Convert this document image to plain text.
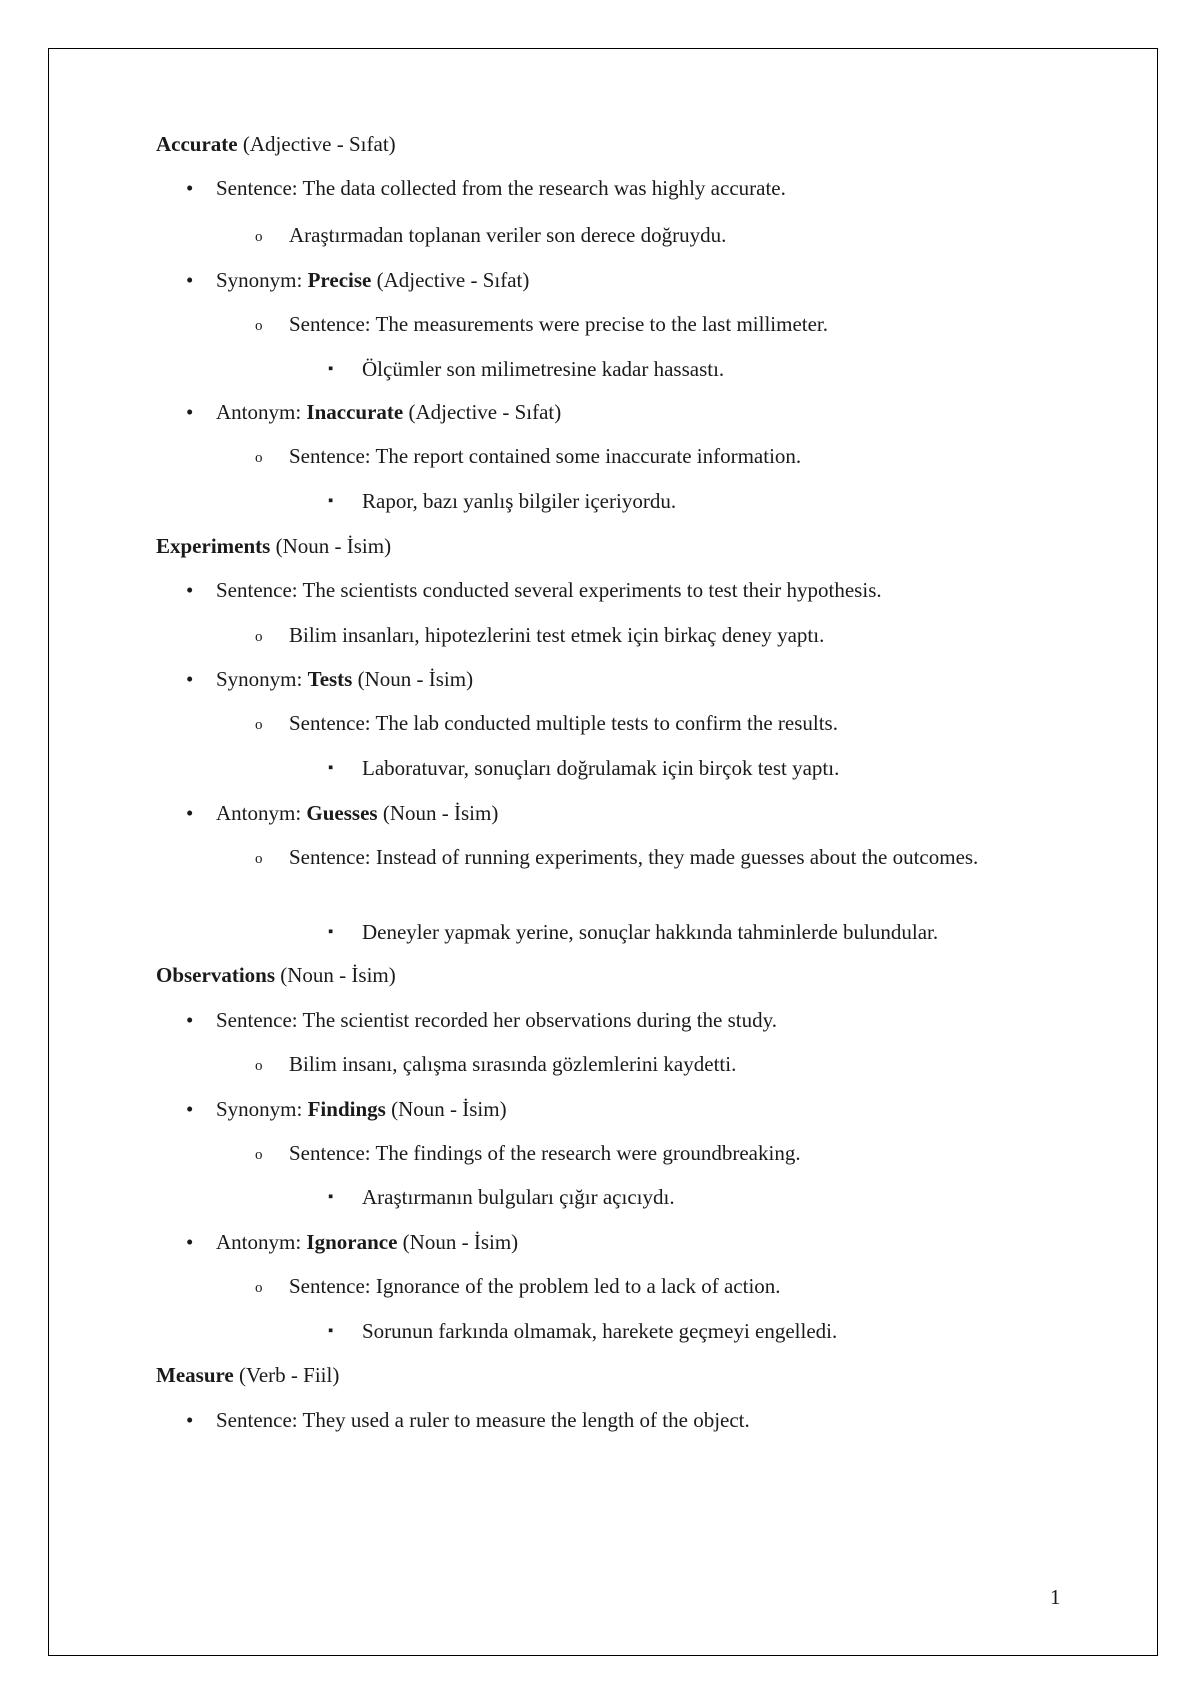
Accurate (Adjective - Sıfat)
• Sentence: The data collected from the research was highly accurate.
o Araştırmadan toplanan veriler son derece doğruydu.
• Synonym: Precise (Adjective - Sıfat)
o Sentence: The measurements were precise to the last millimeter.
▪ Ölçümler son milimetresine kadar hassastı.
• Antonym: Inaccurate (Adjective - Sıfat)
o Sentence: The report contained some inaccurate information.
▪ Rapor, bazı yanlış bilgiler içeriyordu.
Experiments (Noun - İsim)
• Sentence: The scientists conducted several experiments to test their hypothesis.
o Bilim insanları, hipotezlerini test etmek için birkaç deney yaptı.
• Synonym: Tests (Noun - İsim)
o Sentence: The lab conducted multiple tests to confirm the results.
▪ Laboratuvar, sonuçları doğrulamak için birçok test yaptı.
• Antonym: Guesses (Noun - İsim)
o Sentence: Instead of running experiments, they made guesses about the outcomes.
▪ Deneyler yapmak yerine, sonuçlar hakkında tahminlerde bulundular.
Observations (Noun - İsim)
• Sentence: The scientist recorded her observations during the study.
o Bilim insanı, çalışma sırasında gözlemlerini kaydetti.
• Synonym: Findings (Noun - İsim)
o Sentence: The findings of the research were groundbreaking.
▪ Araştırmanın bulguları çığır açıcıydı.
• Antonym: Ignorance (Noun - İsim)
o Sentence: Ignorance of the problem led to a lack of action.
▪ Sorunun farkında olmamak, harekete geçmeyi engelledi.
Measure (Verb - Fiil)
• Sentence: They used a ruler to measure the length of the object.
1
